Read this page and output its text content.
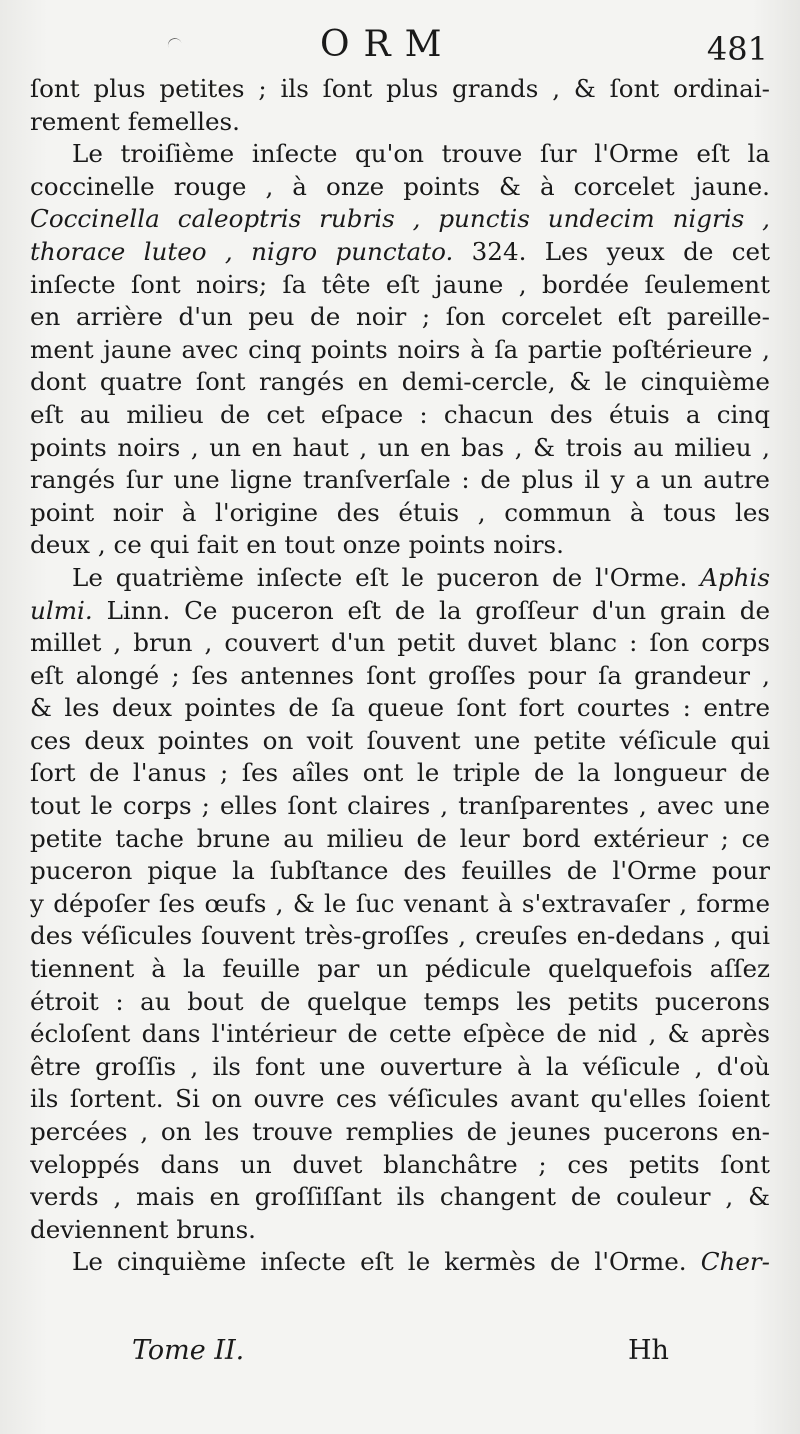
ORM	481
ſont plus petites ; ils ſont plus grands , & ſont ordinai-
rement femelles.
Le troiſième inſecte qu'on trouve ſur l'Orme eſt la
coccinelle rouge , à onze points & à corcelet jaune.
Coccinella caleoptris rubris , punctis undecim nigris ,
thorace luteo , nigro punctato. 324. Les yeux de cet
inſecte ſont noirs; ſa tête eſt jaune , bordée ſeulement
en arrière d'un peu de noir ; ſon corcelet eſt pareille-
ment jaune avec cinq points noirs à ſa partie poſtérieure ,
dont quatre ſont rangés en demi-cercle, & le cinquième
eſt au milieu de cet eſpace : chacun des étuis a cinq
points noirs , un en haut , un en bas , & trois au milieu ,
rangés ſur une ligne tranſverſale : de plus il y a un autre
point noir à l'origine des étuis , commun à tous les
deux , ce qui fait en tout onze points noirs.
Le quatrième inſecte eſt le puceron de l'Orme. Aphis
ulmi. Linn. Ce puceron eſt de la groſſeur d'un grain de
millet , brun , couvert d'un petit duvet blanc : ſon corps
eſt alongé ; ſes antennes ſont groſſes pour ſa grandeur ,
& les deux pointes de ſa queue ſont fort courtes : entre
ces deux pointes on voit ſouvent une petite véſicule qui
ſort de l'anus ; ſes aîles ont le triple de la longueur de
tout le corps ; elles ſont claires , tranſparentes , avec une
petite tache brune au milieu de leur bord extérieur ; ce
puceron pique la ſubſtance des feuilles de l'Orme pour
y dépoſer ſes œufs , & le ſuc venant à s'extravaſer , forme
des véſicules ſouvent très-groſſes , creuſes en-dedans , qui
tiennent à la feuille par un pédicule quelquefois aſſez
étroit : au bout de quelque temps les petits pucerons
écloſent dans l'intérieur de cette eſpèce de nid , & après
être groſſis , ils font une ouverture à la véſicule , d'où
ils ſortent. Si on ouvre ces véſicules avant qu'elles ſoient
percées , on les trouve remplies de jeunes pucerons en-
veloppés dans un duvet blanchâtre ; ces petits ſont
verds , mais en groſſiſſant ils changent de couleur , &
deviennent bruns.
Le cinquième inſecte eſt le kermès de l'Orme. Cher-
Tome II.	Hh
